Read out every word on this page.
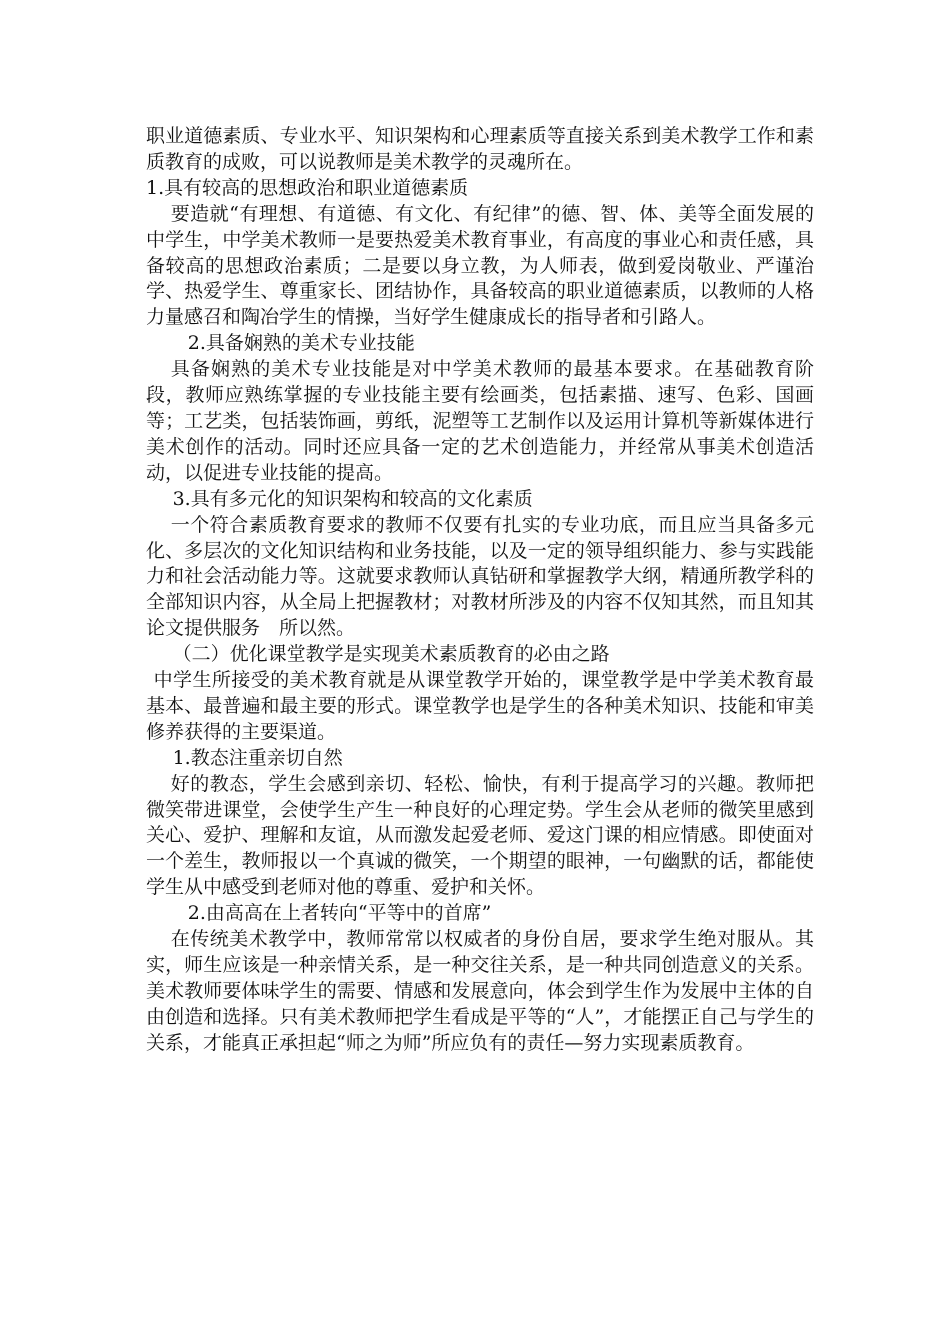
职业道德素质、专业水平、知识架构和心理素质等直接关系到美术教学工作和素质教育的成败，可以说教师是美术教学的灵魂所在。

1.具有较高的思想政治和职业道德素质

要造就“有理想、有道德、有文化、有纪律”的德、智、体、美等全面发展的中学生，中学美术教师一是要热爱美术教育事业，有高度的事业心和责任感，具备较高的思想政治素质；二是要以身立教，为人师表，做到爱岗敬业、严谨治学、热爱学生、尊重家长、团结协作，具备较高的职业道德素质，以教师的人格力量感召和陶冶学生的情操，当好学生健康成长的指导者和引路人。

2.具备娴熟的美术专业技能

具备娴熟的美术专业技能是对中学美术教师的最基本要求。在基础教育阶段，教师应熟练掌握的专业技能主要有绘画类，包括素描、速写、色彩、国画等；工艺类，包括装饰画，剪纸，泥塑等工艺制作以及运用计算机等新媒体进行美术创作的活动。同时还应具备一定的艺术创造能力，并经常从事美术创造活动，以促进专业技能的提高。

3.具有多元化的知识架构和较高的文化素质

一个符合素质教育要求的教师不仅要有扎实的专业功底，而且应当具备多元化、多层次的文化知识结构和业务技能，以及一定的领导组织能力、参与实践能力和社会活动能力等。这就要求教师认真钻研和掌握教学大纲，精通所教学科的全部知识内容，从全局上把握教材；对教材所涉及的内容不仅知其然，而且知其论文提供服务　所以然。

（二）优化课堂教学是实现美术素质教育的必由之路

中学生所接受的美术教育就是从课堂教学开始的，课堂教学是中学美术教育最基本、最普遍和最主要的形式。课堂教学也是学生的各种美术知识、技能和审美修养获得的主要渠道。

1.教态注重亲切自然

好的教态，学生会感到亲切、轻松、愉快，有利于提高学习的兴趣。教师把微笑带进课堂，会使学生产生一种良好的心理定势。学生会从老师的微笑里感到关心、爱护、理解和友谊，从而激发起爱老师、爱这门课的相应情感。即使面对一个差生，教师报以一个真诚的微笑，一个期望的眼神，一句幽默的话，都能使学生从中感受到老师对他的尊重、爱护和关怀。

2.由高高在上者转向“平等中的首席”

在传统美术教学中，教师常常以权威者的身份自居，要求学生绝对服从。其实，师生应该是一种亲情关系，是一种交往关系，是一种共同创造意义的关系。美术教师要体味学生的需要、情感和发展意向，体会到学生作为发展中主体的自由创造和选择。只有美术教师把学生看成是平等的“人”，才能摆正自己与学生的关系，才能真正承担起“师之为师”所应负有的责任—努力实现素质教育。
